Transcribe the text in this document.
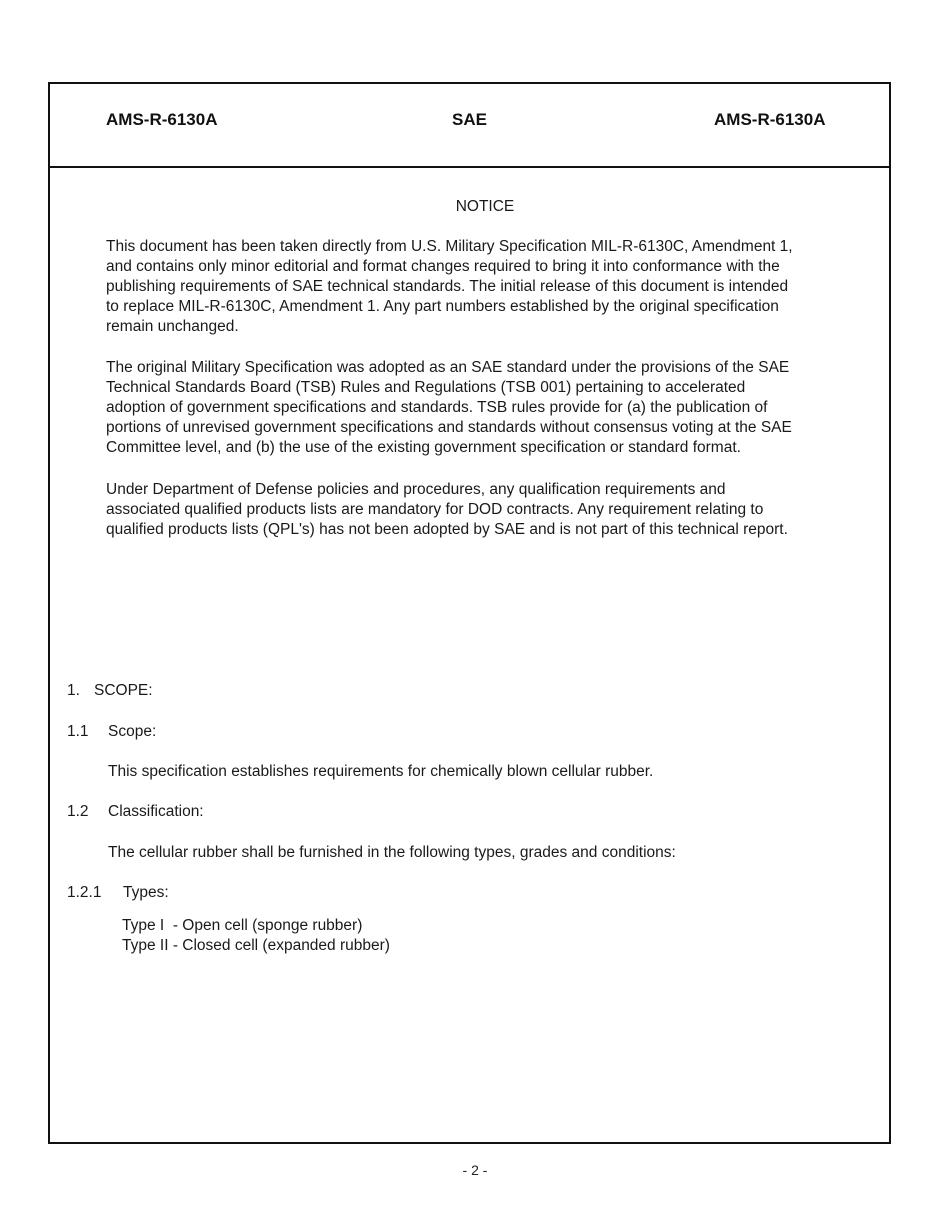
AMS-R-6130A	SAE	AMS-R-6130A
NOTICE
This document has been taken directly from U.S. Military Specification MIL-R-6130C, Amendment 1,
and contains only minor editorial and format changes required to bring it into conformance with the
publishing requirements of SAE technical standards. The initial release of this document is intended
to replace MIL-R-6130C, Amendment 1. Any part numbers established by the original specification
remain unchanged.
The original Military Specification was adopted as an SAE standard under the provisions of the SAE
Technical Standards Board (TSB) Rules and Regulations (TSB 001) pertaining to accelerated
adoption of government specifications and standards. TSB rules provide for (a) the publication of
portions of unrevised government specifications and standards without consensus voting at the SAE
Committee level, and (b) the use of the existing government specification or standard format.
Under Department of Defense policies and procedures, any qualification requirements and
associated qualified products lists are mandatory for DOD contracts. Any requirement relating to
qualified products lists (QPL's) has not been adopted by SAE and is not part of this technical report.
1. SCOPE:
1.1 Scope:
This specification establishes requirements for chemically blown cellular rubber.
1.2 Classification:
The cellular rubber shall be furnished in the following types, grades and conditions:
1.2.1 Types:
Type I  - Open cell (sponge rubber)
Type II - Closed cell (expanded rubber)
- 2 -
